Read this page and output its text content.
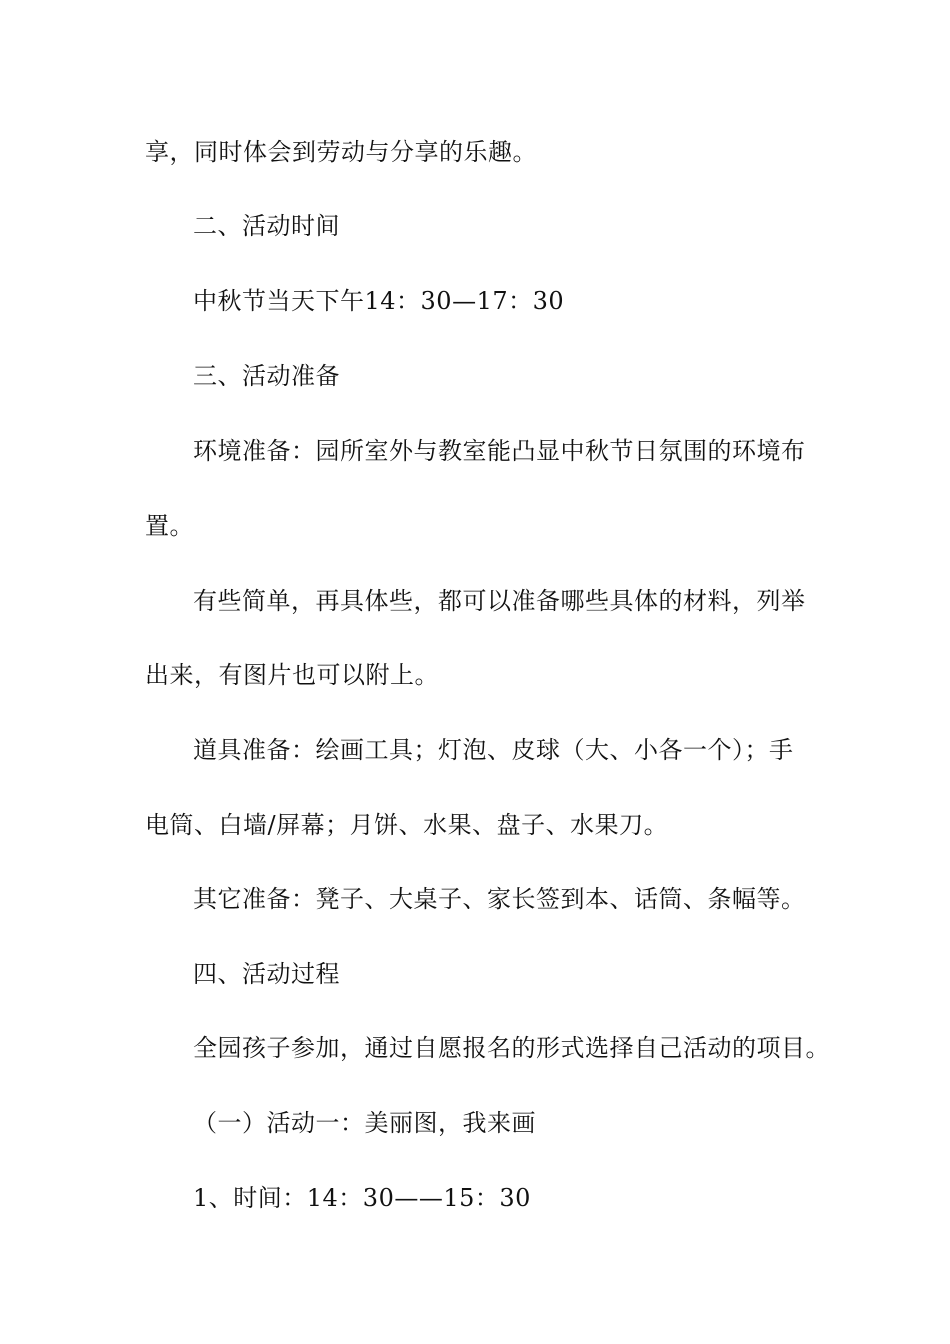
享，同时体会到劳动与分享的乐趣。
二、活动时间
中秋节当天下午14：30—17：30
三、活动准备
环境准备：园所室外与教室能凸显中秋节日氛围的环境布
置。
有些简单，再具体些，都可以准备哪些具体的材料，列举
出来，有图片也可以附上。
道具准备：绘画工具；灯泡、皮球（大、小各一个）；手
电筒、白墙/屏幕；月饼、水果、盘子、水果刀。
其它准备：凳子、大桌子、家长签到本、话筒、条幅等。
四、活动过程
全园孩子参加，通过自愿报名的形式选择自己活动的项目。
（一）活动一：美丽图，我来画
1、时间：14：30——15：30
